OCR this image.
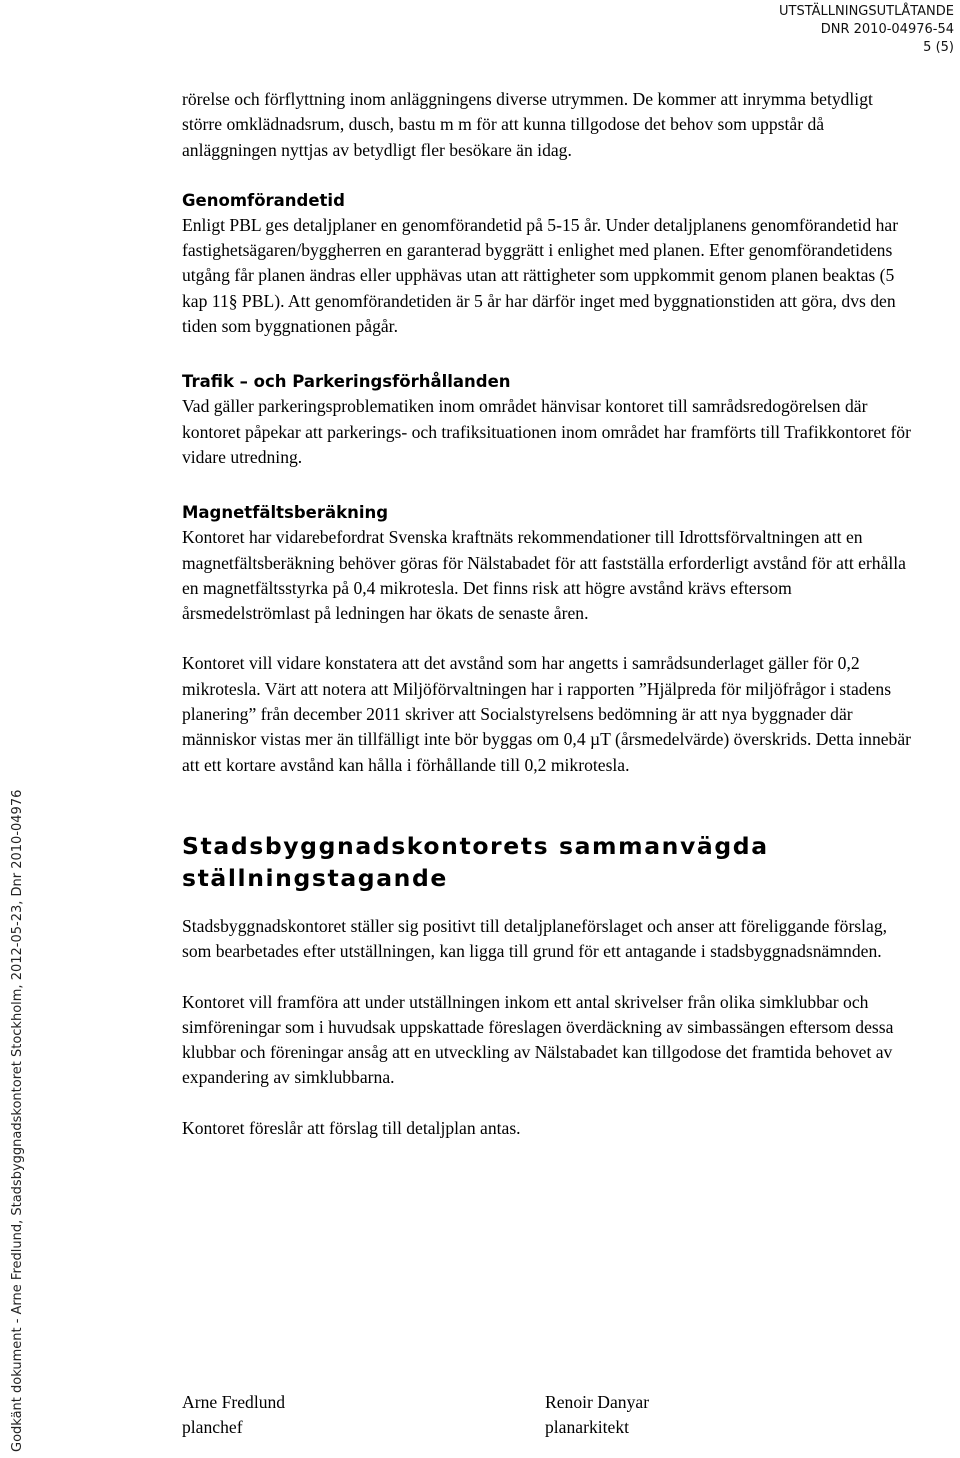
UTSTÄLLNINGSUTLÅTANDE
DNR 2010-04976-54
5 (5)

rörelse och förflyttning inom anläggningens diverse utrymmen. De kommer att inrymma betydligt större omklädnadsrum, dusch, bastu m m för att kunna tillgodose det behov som uppstår då anläggningen nyttjas av betydligt fler besökare än idag.

Genomförandetid

Enligt PBL ges detaljplaner en genomförandetid på 5-15 år. Under detaljplanens genomförandetid har fastighetsägaren/byggherren en garanterad byggrätt i enlighet med planen. Efter genomförandetidens utgång får planen ändras eller upphävas utan att rättigheter som uppkommit genom planen beaktas (5 kap 11§ PBL). Att genomförandetiden är 5 år har därför inget med byggnationstiden att göra, dvs den tiden som byggnationen pågår.

Trafik – och Parkeringsförhållanden

Vad gäller parkeringsproblematiken inom området hänvisar kontoret till samrådsredogörelsen där kontoret påpekar att parkerings- och trafiksituationen inom området har framförts till Trafikkontoret för vidare utredning.

Magnetfältsberäkning

Kontoret har vidarebefordrat Svenska kraftnäts rekommendationer till Idrottsförvaltningen att en magnetfältsberäkning behöver göras för Nälstabadet för att fastställa erforderligt avstånd för att erhålla en magnetfältsstyrka på 0,4 mikrotesla. Det finns risk att högre avstånd krävs eftersom årsmedelströmlast på ledningen har ökats de senaste åren.

Kontoret vill vidare konstatera att det avstånd som har angetts i samrådsunderlaget gäller för 0,2 mikrotesla. Värt att notera att Miljöförvaltningen har i rapporten ”Hjälpreda för miljöfrågor i stadens planering” från december 2011 skriver att Socialstyrelsens bedömning är att nya byggnader där människor vistas mer än tillfälligt inte bör byggas om 0,4 µT (årsmedelvärde) överskrids. Detta innebär att ett kortare avstånd kan hålla i förhållande till 0,2 mikrotesla.

Stadsbyggnadskontorets sammanvägda ställningstagande

Stadsbyggnadskontoret ställer sig positivt till detaljplaneförslaget och anser att föreliggande förslag, som bearbetades efter utställningen, kan ligga till grund för ett antagande i stadsbyggnadsnämnden.

Kontoret vill framföra att under utställningen inkom ett antal skrivelser från olika simklubbar och simföreningar som i huvudsak uppskattade föreslagen överdäckning av simbassängen eftersom dessa klubbar och föreningar ansåg att en utveckling av Nälstabadet kan tillgodose det framtida behovet av expandering av simklubbarna.

Kontoret föreslår att förslag till detaljplan antas.

Arne Fredlund
planchef
Renoir Danyar
planarkitekt
Godkänt dokument - Arne Fredlund, Stadsbyggnadskontoret Stockholm, 2012-05-23, Dnr 2010-04976
